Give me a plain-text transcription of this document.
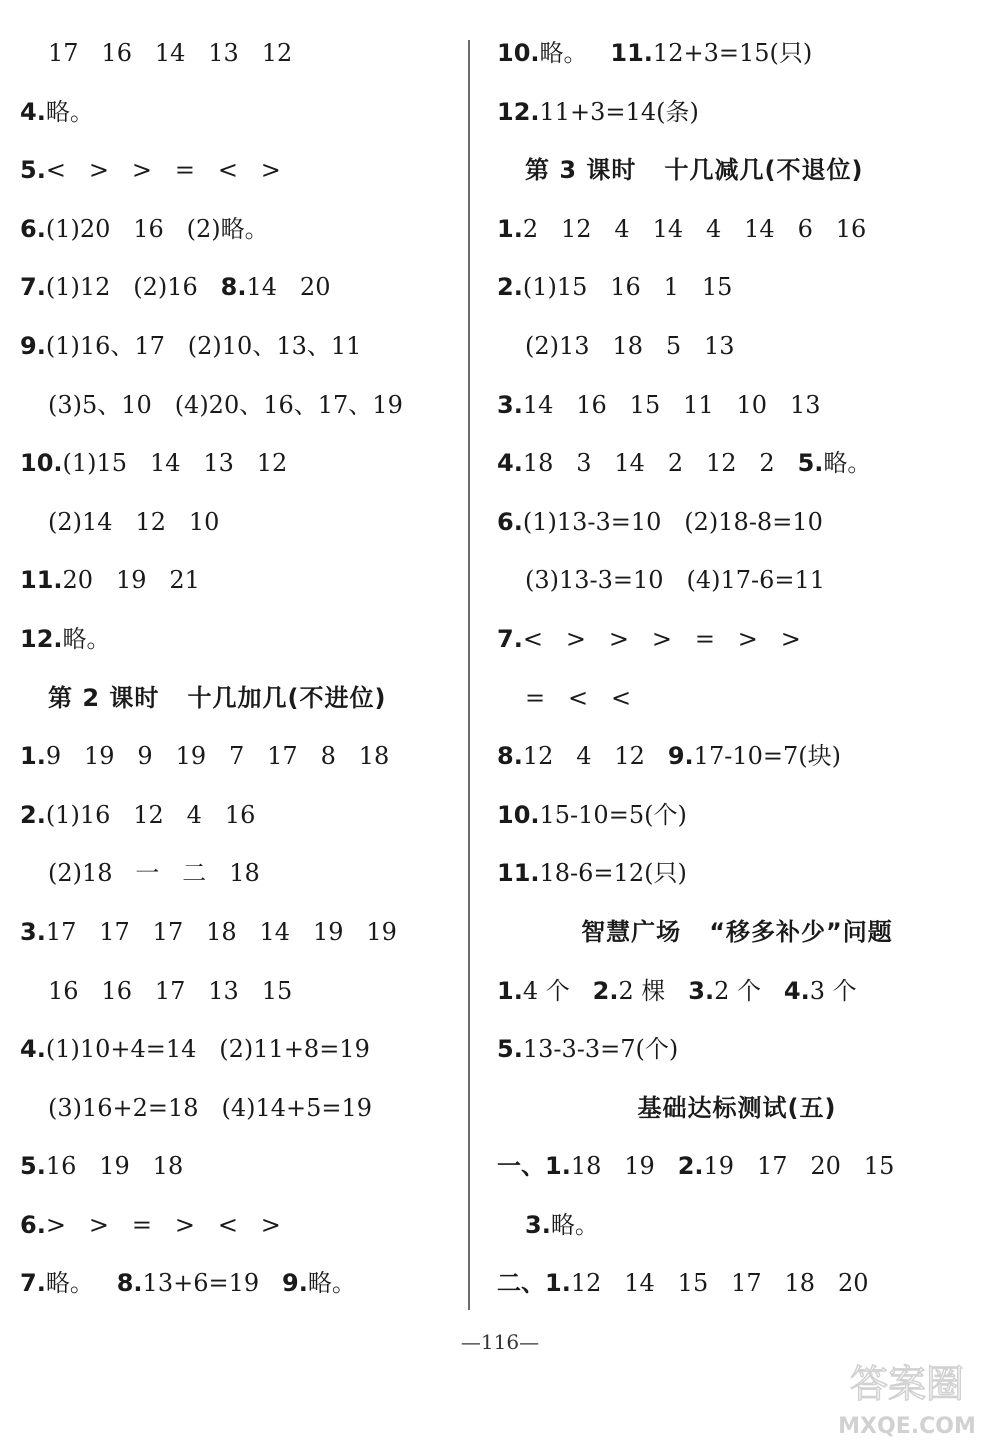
17   16   14   13   12
4.略。
5.<   >   >   =   <   >
6.(1)20   16   (2)略。
7.(1)12   (2)16   8.14   20
9.(1)16、17   (2)10、13、11
(3)5、10   (4)20、16、17、19
10.(1)15   14   13   12
(2)14   12   10
11.20   19   21
12.略。
第 2 课时   十几加几(不进位)
1.9   19   9   19   7   17   8   18
2.(1)16   12   4   16
(2)18   一   二   18
3.17   17   17   18   14   19   19
16   16   17   13   15
4.(1)10+4=14   (2)11+8=19
(3)16+2=18   (4)14+5=19
5.16   19   18
6.>   >   =   >   <   >
7.略。   8.13+6=19   9.略。
10.略。   11.12+3=15(只)
12.11+3=14(条)
第 3 课时   十几减几(不退位)
1.2   12   4   14   4   14   6   16
2.(1)15   16   1   15
(2)13   18   5   13
3.14   16   15   11   10   13
4.18   3   14   2   12   2   5.略。
6.(1)13-3=10   (2)18-8=10
(3)13-3=10   (4)17-6=11
7.<   >   >   >   =   >   >
=   <   <
8.12   4   12   9.17-10=7(块)
10.15-10=5(个)
11.18-6=12(只)
智慧广场   “移多补少”问题
1.4 个   2.2 棵   3.2 个   4.3 个
5.13-3-3=7(个)
基础达标测试(五)
一、1.18   19   2.19   17   20   15
3.略。
二、1.12   14   15   17   18   20
—116—
答案圈
MXQE.COM
